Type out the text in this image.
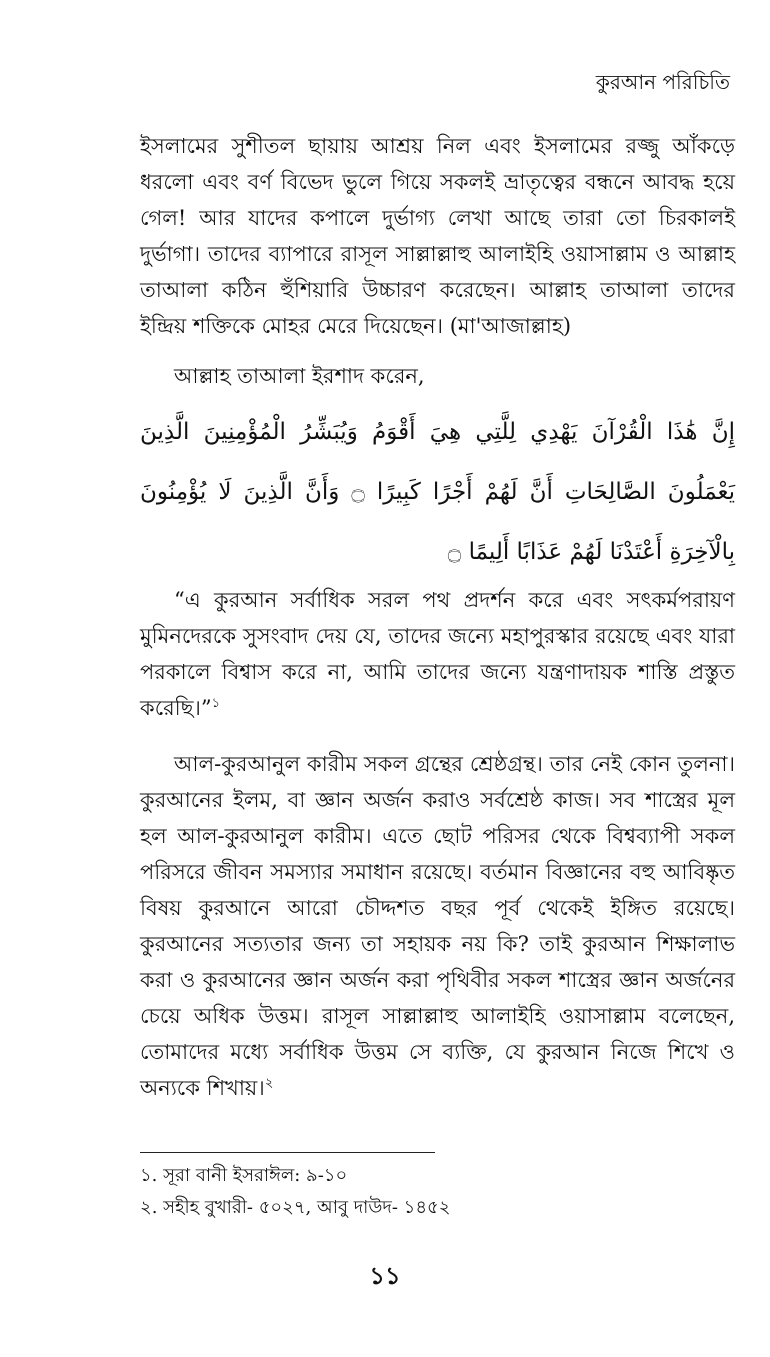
কুরআন পরিচিতি

ইসলামের সুশীতল ছায়ায় আশ্রয় নিল এবং ইসলামের রজ্জু আঁকড়ে ধরলো এবং বর্ণ বিভেদ ভুলে গিয়ে সকলই ভ্রাতৃত্বের বন্ধনে আবদ্ধ হয়ে গেল! আর যাদের কপালে দুর্ভাগ্য লেখা আছে তারা তো চিরকালই দুর্ভাগা। তাদের ব্যাপারে রাসূল সাল্লাল্লাহু আলাইহি ওয়াসাল্লাম ও আল্লাহ তাআলা কঠিন হুঁশিয়ারি উচ্চারণ করেছেন। আল্লাহ তাআলা তাদের ইন্দ্রিয় শক্তিকে মোহর মেরে দিয়েছেন। (মা'আজাল্লাহ)

আল্লাহ তাআলা ইরশাদ করেন,

إِنَّ هَٰذَا الْقُرْآنَ يَهْدِي لِلَّتِي هِيَ أَقْوَمُ وَيُبَشِّرُ الْمُؤْمِنِينَ الَّذِينَ يَعْمَلُونَ الصَّالِحَاتِ أَنَّ لَهُمْ أَجْرًا كَبِيرًا ۝ وَأَنَّ الَّذِينَ لَا يُؤْمِنُونَ بِالْآخِرَةِ أَعْتَدْنَا لَهُمْ عَذَابًا أَلِيمًا ۝

“এ কুরআন সর্বাধিক সরল পথ প্রদর্শন করে এবং সৎকর্মপরায়ণ মুমিনদেরকে সুসংবাদ দেয় যে, তাদের জন্যে মহাপুরস্কার রয়েছে এবং যারা পরকালে বিশ্বাস করে না, আমি তাদের জন্যে যন্ত্রণাদায়ক শাস্তি প্রস্তুত করেছি।”$^১$

আল-কুরআনুল কারীম সকল গ্রন্থের শ্রেষ্ঠগ্রন্থ। তার নেই কোন তুলনা। কুরআনের ইলম, বা জ্ঞান অর্জন করাও সর্বশ্রেষ্ঠ কাজ। সব শাস্ত্রের মূল হল আল-কুরআনুল কারীম। এতে ছোট পরিসর থেকে বিশ্বব্যাপী সকল পরিসরে জীবন সমস্যার সমাধান রয়েছে। বর্তমান বিজ্ঞানের বহু আবিষ্কৃত বিষয় কুরআনে আরো চৌদ্দশত বছর পূর্ব থেকেই ইঙ্গিত রয়েছে। কুরআনের সত্যতার জন্য তা সহায়ক নয় কি? তাই কুরআন শিক্ষালাভ করা ও কুরআনের জ্ঞান অর্জন করা পৃথিবীর সকল শাস্ত্রের জ্ঞান অর্জনের চেয়ে অধিক উত্তম। রাসূল সাল্লাল্লাহু আলাইহি ওয়াসাল্লাম বলেছেন, তোমাদের মধ্যে সর্বাধিক উত্তম সে ব্যক্তি, যে কুরআন নিজে শিখে ও অন্যকে শিখায়।$^২$

১. সূরা বানী ইসরাঈল: ৯-১০
২. সহীহ বুখারী- ৫০২৭, আবু দাউদ- ১৪৫২
১১
